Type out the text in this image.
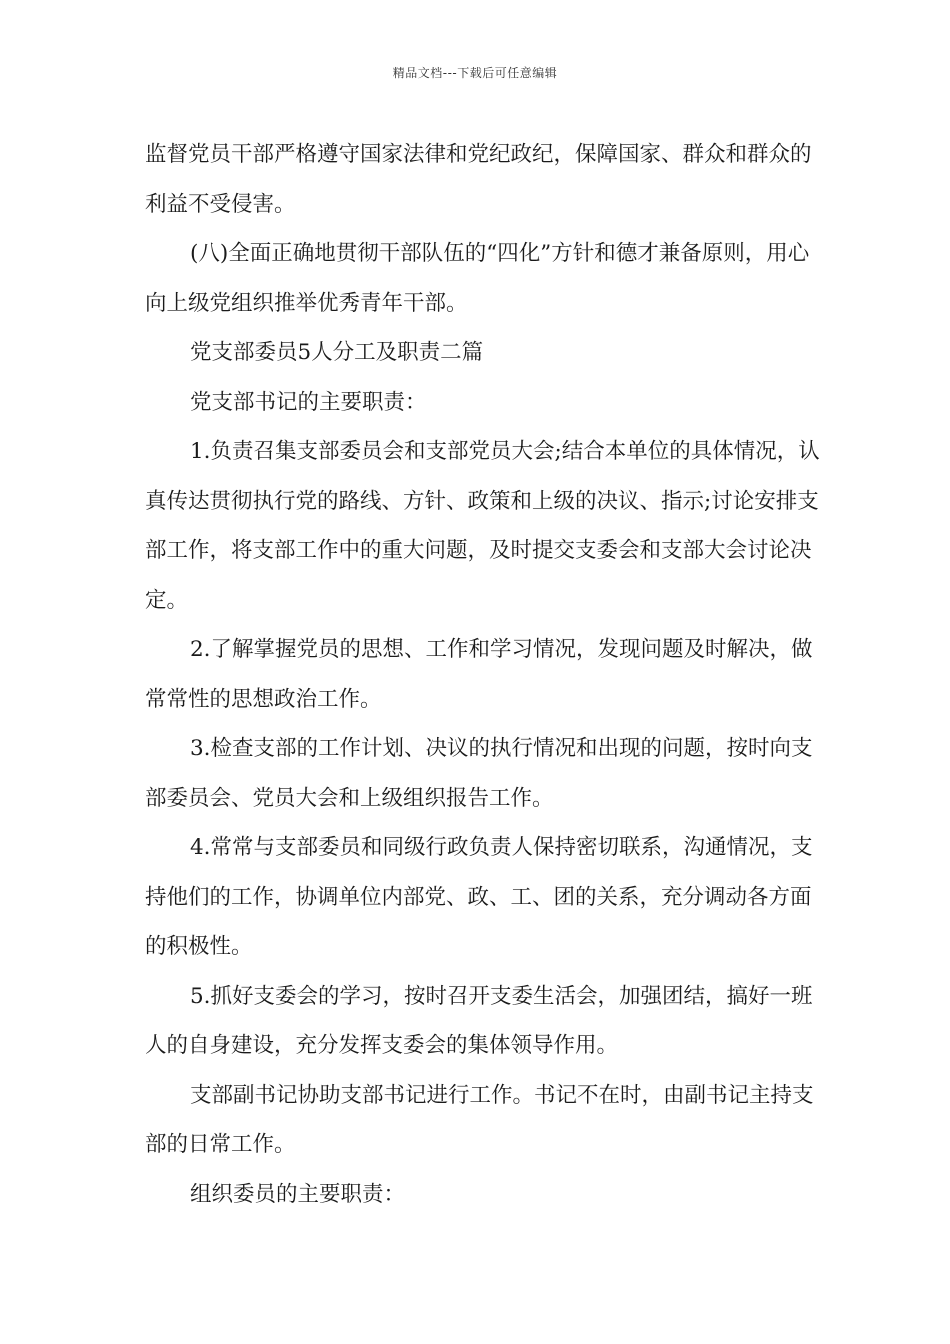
精品文档---下载后可任意编辑

监督党员干部严格遵守国家法律和党纪政纪，保障国家、群众和群众的利益不受侵害。

(八)全面正确地贯彻干部队伍的“四化”方针和德才兼备原则，用心向上级党组织推举优秀青年干部。

党支部委员5人分工及职责二篇

党支部书记的主要职责：

1.负责召集支部委员会和支部党员大会;结合本单位的具体情况，认真传达贯彻执行党的路线、方针、政策和上级的决议、指示;讨论安排支部工作，将支部工作中的重大问题，及时提交支委会和支部大会讨论决定。

2.了解掌握党员的思想、工作和学习情况，发现问题及时解决，做常常性的思想政治工作。

3.检查支部的工作计划、决议的执行情况和出现的问题，按时向支部委员会、党员大会和上级组织报告工作。

4.常常与支部委员和同级行政负责人保持密切联系，沟通情况，支持他们的工作，协调单位内部党、政、工、团的关系，充分调动各方面的积极性。

5.抓好支委会的学习，按时召开支委生活会，加强团结，搞好一班人的自身建设，充分发挥支委会的集体领导作用。

支部副书记协助支部书记进行工作。书记不在时，由副书记主持支部的日常工作。

组织委员的主要职责：
